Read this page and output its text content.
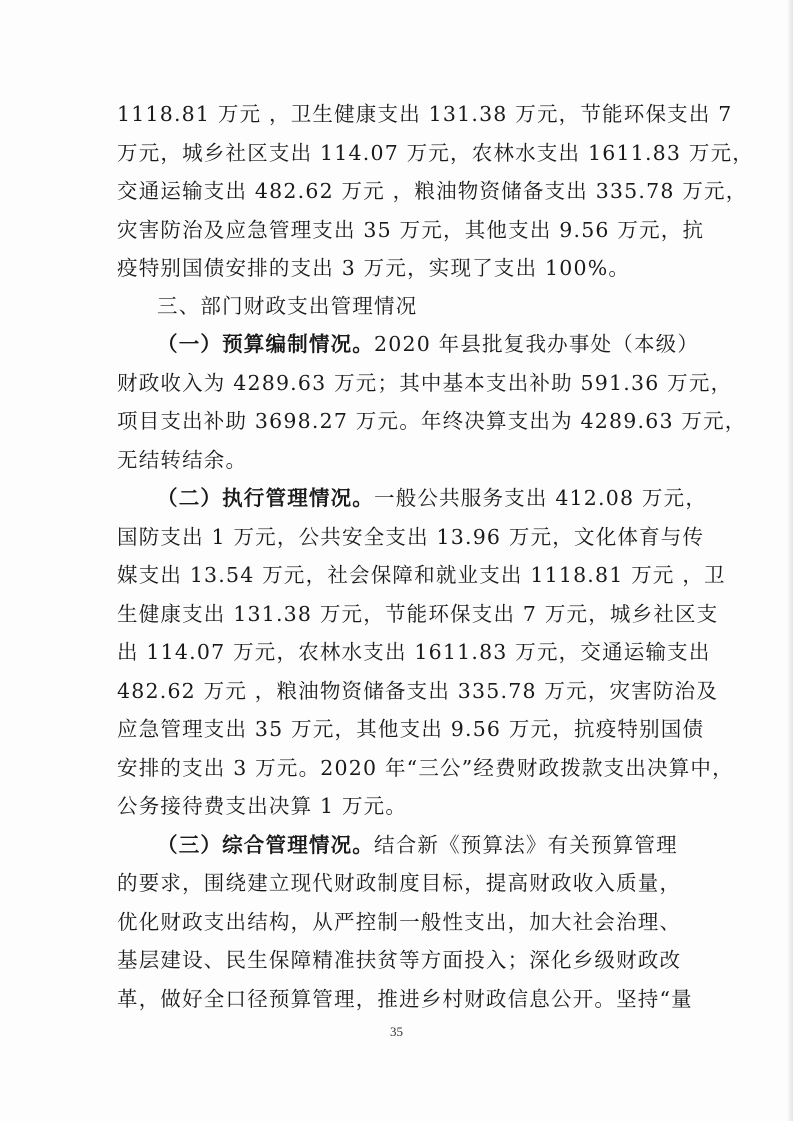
1118.81 万元 ，卫生健康支出 131.38 万元，节能环保支出 7
万元，城乡社区支出 114.07 万元，农林水支出 1611.83 万元，
交通运输支出 482.62 万元 ，粮油物资储备支出 335.78 万元，
灾害防治及应急管理支出 35 万元，其他支出 9.56 万元，抗
疫特别国债安排的支出 3 万元，实现了支出 100%。
三、部门财政支出管理情况
（一）预算编制情况。2020 年县批复我办事处（本级）
财政收入为 4289.63 万元；其中基本支出补助 591.36 万元，
项目支出补助 3698.27 万元。年终决算支出为 4289.63 万元，
无结转结余。
（二）执行管理情况。一般公共服务支出 412.08 万元，
国防支出 1 万元，公共安全支出 13.96 万元，文化体育与传
媒支出 13.54 万元，社会保障和就业支出 1118.81 万元 ，卫
生健康支出 131.38 万元，节能环保支出 7 万元，城乡社区支
出 114.07 万元，农林水支出 1611.83 万元，交通运输支出
482.62 万元 ，粮油物资储备支出 335.78 万元，灾害防治及
应急管理支出 35 万元，其他支出 9.56 万元，抗疫特别国债
安排的支出 3 万元。2020 年“三公”经费财政拨款支出决算中，
公务接待费支出决算 1 万元。
（三）综合管理情况。结合新《预算法》有关预算管理
的要求，围绕建立现代财政制度目标，提高财政收入质量，
优化财政支出结构，从严控制一般性支出，加大社会治理、
基层建设、民生保障精准扶贫等方面投入；深化乡级财政改
革，做好全口径预算管理，推进乡村财政信息公开。坚持“量
35
